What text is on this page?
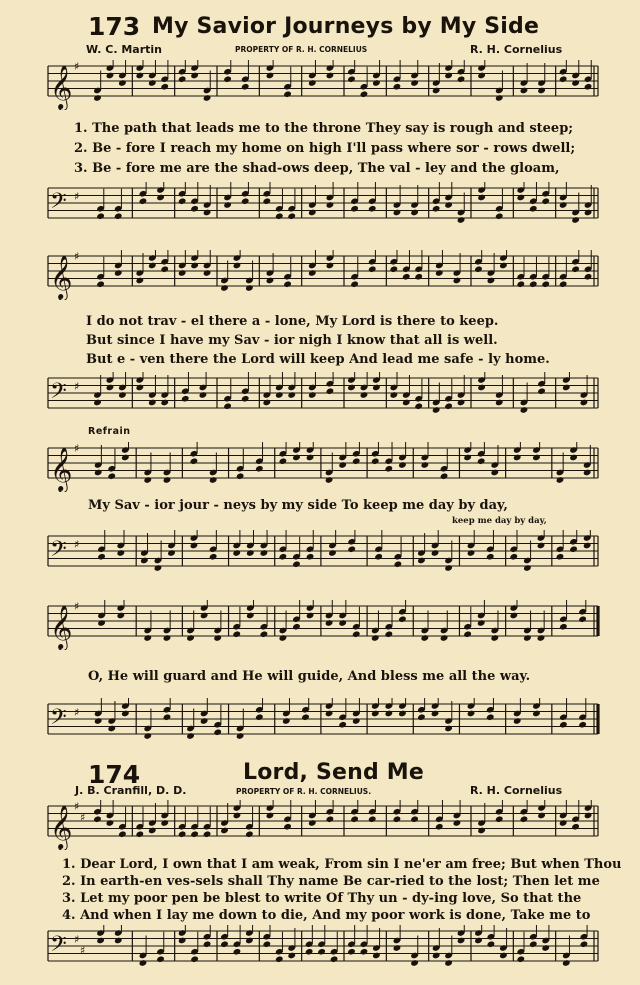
173 My Savior Journeys by My Side
W. C. Martin	PROPERTY OF R. H. CORNELIUS	R. H. Cornelius
𝄞 ♯
1. The path that leads me to the throne They say is rough and steep;
2. Be - fore I reach my home on high I'll pass where sor - rows dwell;
3. Be - fore me are the shad-ows deep, The val - ley and the gloam,
𝄢 ♯
𝄞 ♯
I do not trav - el there a - lone, My Lord is there to keep.
But since I have my Sav - ior nigh I know that all is well.
But e - ven there the Lord will keep And lead me safe - ly home.
𝄢 ♯
Refrain
𝄞 ♯
My Sav - ior jour - neys by my side To keep me day by day,
keep me day by day,
𝄢 ♯
𝄞 ♯
O, He will guard and He will guide, And bless me all the way.
𝄢 ♯
174	Lord, Send Me
J. B. Cranfill, D. D.	PROPERTY OF R. H. CORNELIUS.	R. H. Cornelius
𝄞 ♯
♯
1. Dear Lord, I own that I am weak, From sin I ne'er am free; But when Thou
2. In earth-en ves-sels shall Thy name Be car-ried to the lost; Then let me
3. Let my poor pen be blest to write Of Thy un - dy-ing love, So that the
4. And when I lay me down to die, And my poor work is done, Take me to
𝄢 ♯
♯
